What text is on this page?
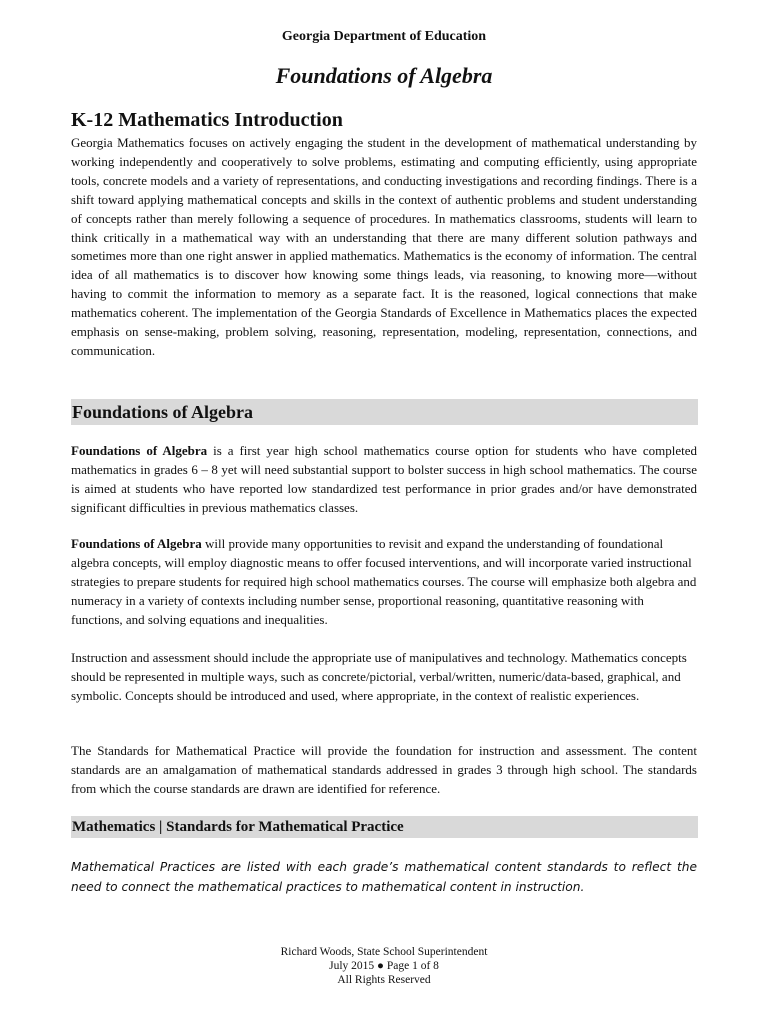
Georgia Department of Education
Foundations of Algebra
K-12 Mathematics Introduction

Georgia Mathematics focuses on actively engaging the student in the development of mathematical understanding by working independently and cooperatively to solve problems, estimating and computing efficiently, using appropriate tools, concrete models and a variety of representations, and conducting investigations and recording findings. There is a shift toward applying mathematical concepts and skills in the context of authentic problems and student understanding of concepts rather than merely following a sequence of procedures. In mathematics classrooms, students will learn to think critically in a mathematical way with an understanding that there are many different solution pathways and sometimes more than one right answer in applied mathematics. Mathematics is the economy of information. The central idea of all mathematics is to discover how knowing some things leads, via reasoning, to knowing more—without having to commit the information to memory as a separate fact. It is the reasoned, logical connections that make mathematics coherent. The implementation of the Georgia Standards of Excellence in Mathematics places the expected emphasis on sense-making, problem solving, reasoning, representation, modeling, representation, connections, and communication.

Foundations of Algebra

Foundations of Algebra is a first year high school mathematics course option for students who have completed mathematics in grades 6 – 8 yet will need substantial support to bolster success in high school mathematics. The course is aimed at students who have reported low standardized test performance in prior grades and/or have demonstrated significant difficulties in previous mathematics classes.

Foundations of Algebra will provide many opportunities to revisit and expand the understanding of foundational algebra concepts, will employ diagnostic means to offer focused interventions, and will incorporate varied instructional strategies to prepare students for required high school mathematics courses. The course will emphasize both algebra and numeracy in a variety of contexts including number sense, proportional reasoning, quantitative reasoning with functions, and solving equations and inequalities.

Instruction and assessment should include the appropriate use of manipulatives and technology. Mathematics concepts should be represented in multiple ways, such as concrete/pictorial, verbal/written, numeric/data-based, graphical, and symbolic. Concepts should be introduced and used, where appropriate, in the context of realistic experiences.

The Standards for Mathematical Practice will provide the foundation for instruction and assessment. The content standards are an amalgamation of mathematical standards addressed in grades 3 through high school. The standards from which the course standards are drawn are identified for reference.

Mathematics | Standards for Mathematical Practice

Mathematical Practices are listed with each grade’s mathematical content standards to reflect the need to connect the mathematical practices to mathematical content in instruction.

Richard Woods, State School Superintendent
July 2015 ● Page 1 of 8
All Rights Reserved
